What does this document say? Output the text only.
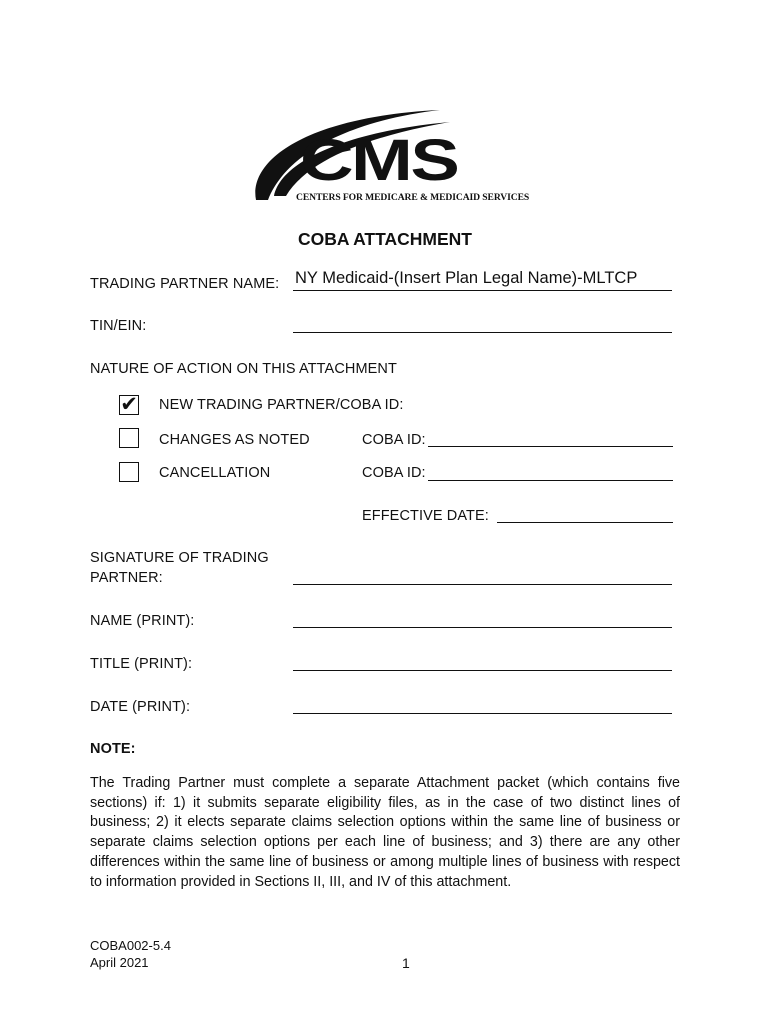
CMS
CENTERS FOR MEDICARE & MEDICAID SERVICES
COBA ATTACHMENT
TRADING PARTNER NAME: NY Medicaid-(Insert Plan Legal Name)-MLTCP
TIN/EIN:
NATURE OF ACTION ON THIS ATTACHMENT
✔ NEW TRADING PARTNER/COBA ID:
CHANGES AS NOTED	COBA ID:
CANCELLATION	COBA ID:
EFFECTIVE DATE:
SIGNATURE OF TRADING
PARTNER:
NAME (PRINT):
TITLE (PRINT):
DATE (PRINT):
NOTE:
The Trading Partner must complete a separate Attachment packet (which contains five sections) if: 1) it submits separate eligibility files, as in the case of two distinct lines of business; 2) it elects separate claims selection options within the same line of business or separate claims selection options per each line of business; and 3) there are any other differences within the same line of business or among multiple lines of business with respect to information provided in Sections II, III, and IV of this attachment.
COBA002-5.4
April 2021	1
